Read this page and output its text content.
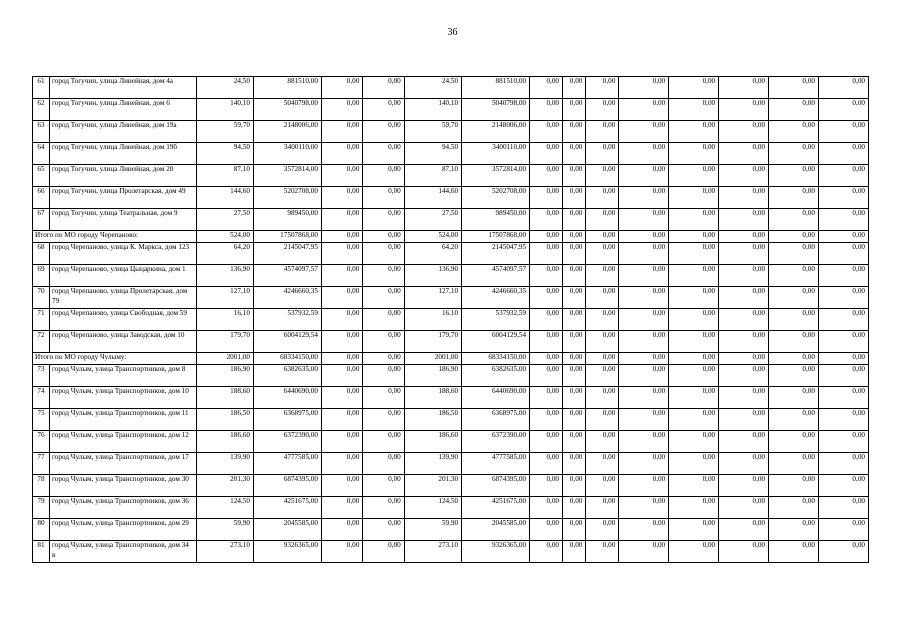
36
61	город Тогучин, улица Линейная, дом 4а	24,50	881510,00	0,00	0,00	24,50	881510,00	0,00	0,00	0,00	0,00	0,00	0,00	0,00	0,00
62	город Тогучин, улица Линейная, дом 6	140,10	5040798,00	0,00	0,00	140,10	5040798,00	0,00	0,00	0,00	0,00	0,00	0,00	0,00	0,00
63	город Тогучин, улица Линейная, дом 19а	59,70	2148006,00	0,00	0,00	59,70	2148006,00	0,00	0,00	0,00	0,00	0,00	0,00	0,00	0,00
64	город Тогучин, улица Линейная, дом 19б	94,50	3400110,00	0,00	0,00	94,50	3400110,00	0,00	0,00	0,00	0,00	0,00	0,00	0,00	0,00
65	город Тогучин, улица Линейная, дом 20	87,10	3572814,00	0,00	0,00	87,10	3572814,00	0,00	0,00	0,00	0,00	0,00	0,00	0,00	0,00
66	город Тогучин, улица Пролетарская, дом 49	144,60	5202708,00	0,00	0,00	144,60	5202708,00	0,00	0,00	0,00	0,00	0,00	0,00	0,00	0,00
67	город Тогучин, улица Театральная, дом 9	27,50	989450,00	0,00	0,00	27,50	989450,00	0,00	0,00	0,00	0,00	0,00	0,00	0,00	0,00
Итого по МО городу Черепаново:		524,00	17507868,00	0,00	0,00	524,00	17507868,00	0,00	0,00	0,00	0,00	0,00	0,00	0,00	0,00
68	город Черепаново, улица К. Маркса, дом 123	64,20	2145047,95	0,00	0,00	64,20	2145047,95	0,00	0,00	0,00	0,00	0,00	0,00	0,00	0,00
69	город Черепаново, улица Цыцаркина, дом 1	136,90	4574097,57	0,00	0,00	136,90	4574097,57	0,00	0,00	0,00	0,00	0,00	0,00	0,00	0,00
70	город Черепаново, улица Пролетарская, дом 79	127,10	4246660,35	0,00	0,00	127,10	4246660,35	0,00	0,00	0,00	0,00	0,00	0,00	0,00	0,00
71	город Черепаново, улица Свободная, дом 59	16,10	537932,59	0,00	0,00	16,10	537932,59	0,00	0,00	0,00	0,00	0,00	0,00	0,00	0,00
72	город Черепаново, улица Заводская, дом 10	179,70	6004129,54	0,00	0,00	179,70	6004129,54	0,00	0,00	0,00	0,00	0,00	0,00	0,00	0,00
Итого по МО городу Чулыму:		2001,00	68334150,00	0,00	0,00	2001,00	68334150,00	0,00	0,00	0,00	0,00	0,00	0,00	0,00	0,00
73	город Чулым, улица Транспортников, дом 8	186,90	6382635,00	0,00	0,00	186,90	6382635,00	0,00	0,00	0,00	0,00	0,00	0,00	0,00	0,00
74	город Чулым, улица Транспортников, дом 10	188,60	6440690,00	0,00	0,00	188,60	6440690,00	0,00	0,00	0,00	0,00	0,00	0,00	0,00	0,00
75	город Чулым, улица Транспортников, дом 11	186,50	6368975,00	0,00	0,00	186,50	6368975,00	0,00	0,00	0,00	0,00	0,00	0,00	0,00	0,00
76	город Чулым, улица Транспортников, дом 12	186,60	6372390,00	0,00	0,00	186,60	6372390,00	0,00	0,00	0,00	0,00	0,00	0,00	0,00	0,00
77	город Чулым, улица Транспортников, дом 17	139,90	4777585,00	0,00	0,00	139,90	4777585,00	0,00	0,00	0,00	0,00	0,00	0,00	0,00	0,00
78	город Чулым, улица Транспортников, дом 30	201,30	6874395,00	0,00	0,00	201,30	6874395,00	0,00	0,00	0,00	0,00	0,00	0,00	0,00	0,00
79	город Чулым, улица Транспортников, дом 36	124,50	4251675,00	0,00	0,00	124,50	4251675,00	0,00	0,00	0,00	0,00	0,00	0,00	0,00	0,00
80	город Чулым, улица Транспортников, дом 29	59,90	2045585,00	0,00	0,00	59,90	2045585,00	0,00	0,00	0,00	0,00	0,00	0,00	0,00	0,00
81	город Чулым, улица Транспортников, дом 34 в	273,10	9326365,00	0,00	0,00	273,10	9326365,00	0,00	0,00	0,00	0,00	0,00	0,00	0,00	0,00
